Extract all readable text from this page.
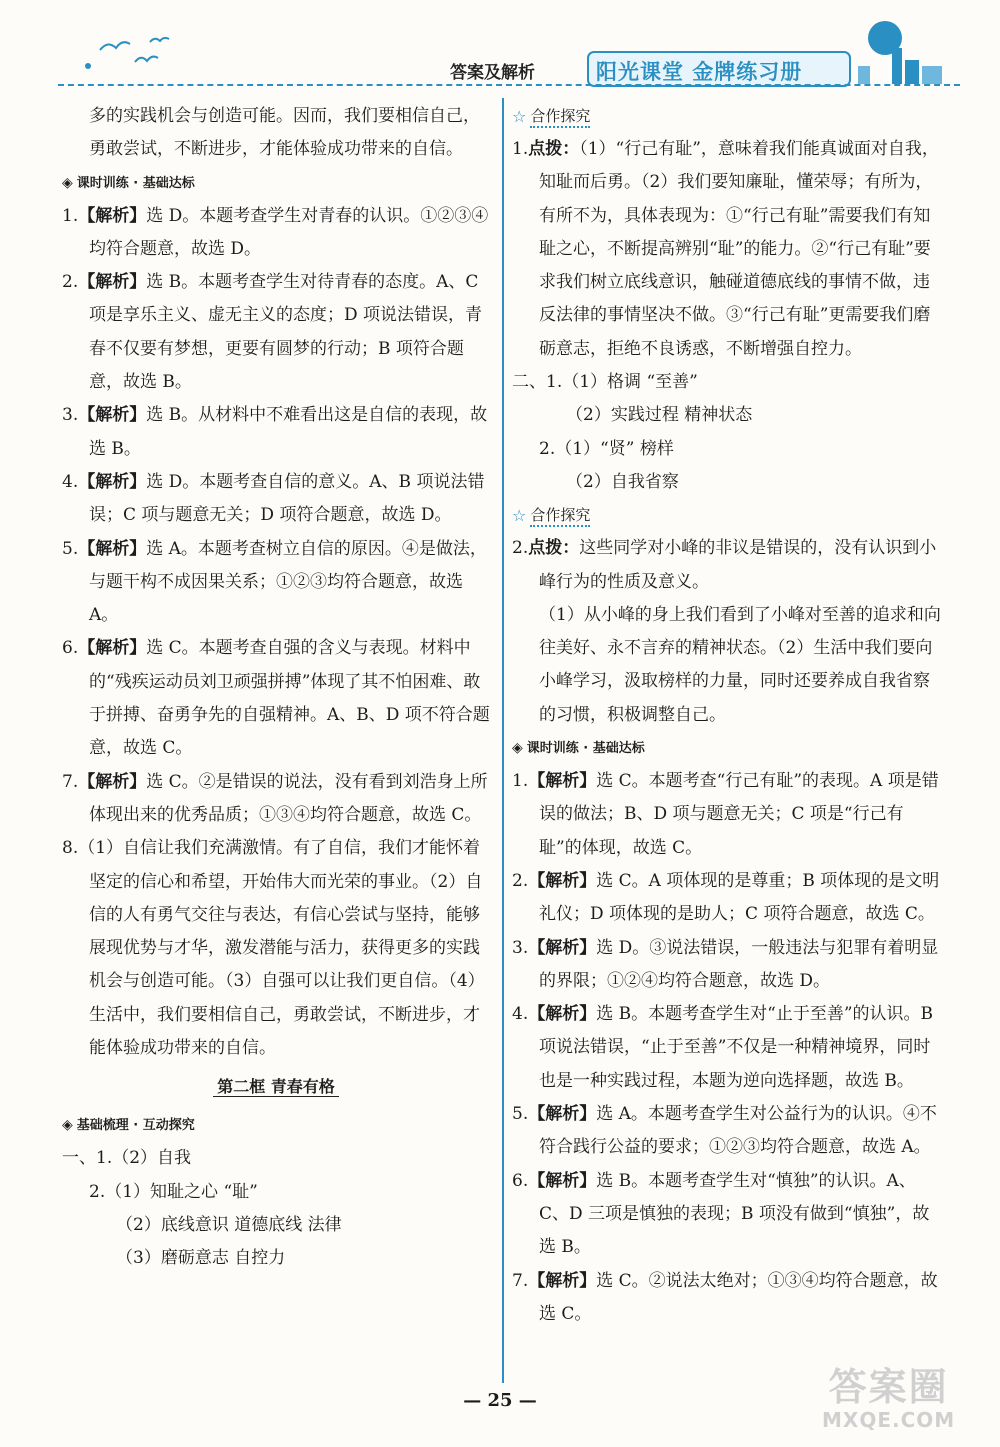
答案及解析	阳光课堂 金牌练习册

多的实践机会与创造可能。因而，我们要相信自己，勇敢尝试，不断进步，才能体验成功带来的自信。

◈ 课时训练 · 基础达标

1.【解析】选 D。本题考查学生对青春的认识。①②③④均符合题意，故选 D。

2.【解析】选 B。本题考查学生对待青春的态度。A、C 项是享乐主义、虚无主义的态度；D 项说法错误，青春不仅要有梦想，更要有圆梦的行动；B 项符合题意，故选 B。

3.【解析】选 B。从材料中不难看出这是自信的表现，故选 B。

4.【解析】选 D。本题考查自信的意义。A、B 项说法错误；C 项与题意无关；D 项符合题意，故选 D。

5.【解析】选 A。本题考查树立自信的原因。④是做法，与题干构不成因果关系；①②③均符合题意，故选 A。

6.【解析】选 C。本题考查自强的含义与表现。材料中的“残疾运动员刘卫顽强拼搏”体现了其不怕困难、敢于拼搏、奋勇争先的自强精神。A、B、D 项不符合题意，故选 C。

7.【解析】选 C。②是错误的说法，没有看到刘浩身上所体现出来的优秀品质；①③④均符合题意，故选 C。

8.（1）自信让我们充满激情。有了自信，我们才能怀着坚定的信心和希望，开始伟大而光荣的事业。（2）自信的人有勇气交往与表达，有信心尝试与坚持，能够展现优势与才华，激发潜能与活力，获得更多的实践机会与创造可能。（3）自强可以让我们更自信。（4）生活中，我们要相信自己，勇敢尝试，不断进步，才能体验成功带来的自信。

第二框 青春有格
◈ 基础梳理 · 互动探究

一、1.（2）自我

2.（1）知耻之心 “耻”

（2）底线意识 道德底线 法律

（3）磨砺意志 自控力

☆ 合作探究

1.点拨：（1）“行己有耻”，意味着我们能真诚面对自我，知耻而后勇。（2）我们要知廉耻，懂荣辱；有所为，有所不为，具体表现为：①“行己有耻”需要我们有知耻之心，不断提高辨别“耻”的能力。②“行己有耻”要求我们树立底线意识，触碰道德底线的事情不做，违反法律的事情坚决不做。③“行己有耻”更需要我们磨砺意志，拒绝不良诱惑，不断增强自控力。

二、1.（1）格调 “至善”

（2）实践过程 精神状态

2.（1）“贤” 榜样

（2）自我省察

☆ 合作探究

2.点拨：这些同学对小峰的非议是错误的，没有认识到小峰行为的性质及意义。

（1）从小峰的身上我们看到了小峰对至善的追求和向往美好、永不言弃的精神状态。（2）生活中我们要向小峰学习，汲取榜样的力量，同时还要养成自我省察的习惯，积极调整自己。

◈ 课时训练 · 基础达标

1.【解析】选 C。本题考查“行己有耻”的表现。A 项是错误的做法；B、D 项与题意无关；C 项是“行己有耻”的体现，故选 C。

2.【解析】选 C。A 项体现的是尊重；B 项体现的是文明礼仪；D 项体现的是助人；C 项符合题意，故选 C。

3.【解析】选 D。③说法错误，一般违法与犯罪有着明显的界限；①②④均符合题意，故选 D。

4.【解析】选 B。本题考查学生对“止于至善”的认识。B 项说法错误，“止于至善”不仅是一种精神境界，同时也是一种实践过程，本题为逆向选择题，故选 B。

5.【解析】选 A。本题考查学生对公益行为的认识。④不符合践行公益的要求；①②③均符合题意，故选 A。

6.【解析】选 B。本题考查学生对“慎独”的认识。A、C、D 三项是慎独的表现；B 项没有做到“慎独”，故选 B。

7.【解析】选 C。②说法太绝对；①③④均符合题意，故选 C。

— 25 —	答案圈
MXQE.COM
